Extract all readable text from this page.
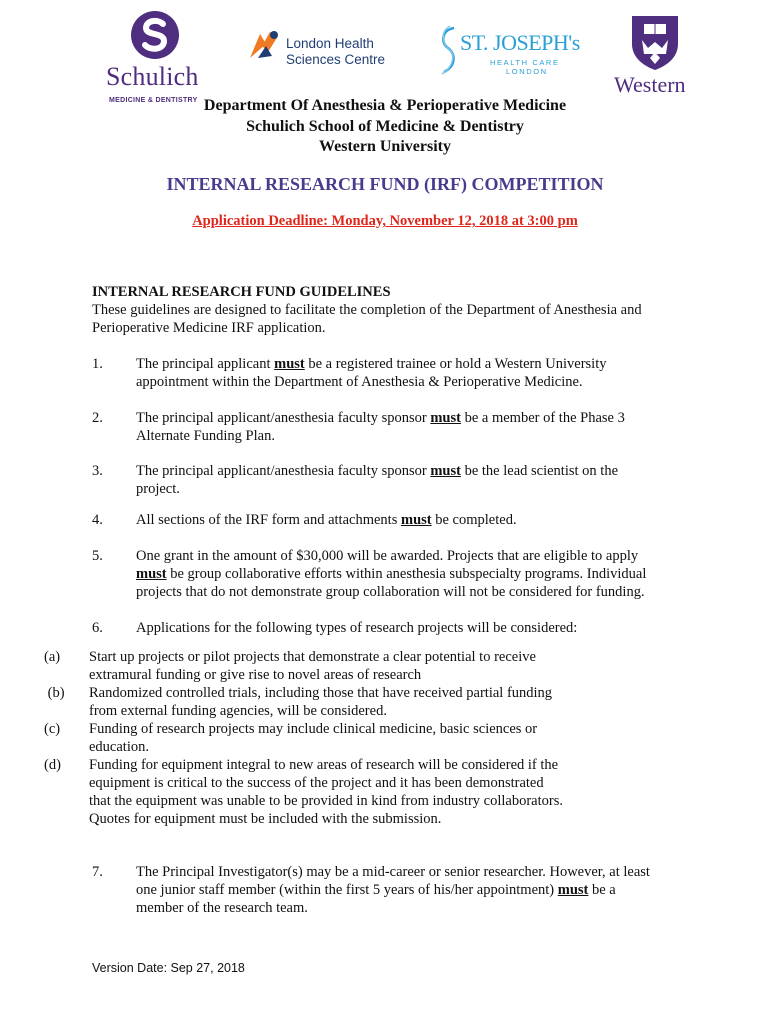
Schulich
MEDICINE & DENTISTRY
London Health
Sciences Centre
ST. JOSEPH's
HEALTH CARE
LONDON
Western
Department Of Anesthesia & Perioperative Medicine
Schulich School of Medicine & Dentistry
Western University
INTERNAL RESEARCH FUND (IRF) COMPETITION
Application Deadline: Monday, November 12, 2018 at 3:00 pm
INTERNAL RESEARCH FUND GUIDELINES
These guidelines are designed to facilitate the completion of the Department of Anesthesia and
Perioperative Medicine IRF application.
1. The principal applicant must be a registered trainee or hold a Western University
appointment within the Department of Anesthesia & Perioperative Medicine.
2. The principal applicant/anesthesia faculty sponsor must be a member of the Phase 3
Alternate Funding Plan.
3. The principal applicant/anesthesia faculty sponsor must be the lead scientist on the
project.
4. All sections of the IRF form and attachments must be completed.
5. One grant in the amount of $30,000 will be awarded. Projects that are eligible to apply
must be group collaborative efforts within anesthesia subspecialty programs. Individual
projects that do not demonstrate group collaboration will not be considered for funding.
6. Applications for the following types of research projects will be considered:
(a) Start up projects or pilot projects that demonstrate a clear potential to receive
extramural funding or give rise to novel areas of research
(b) Randomized controlled trials, including those that have received partial funding
from external funding agencies, will be considered.
(c) Funding of research projects may include clinical medicine, basic sciences or
education.
(d) Funding for equipment integral to new areas of research will be considered if the
equipment is critical to the success of the project and it has been demonstrated
that the equipment was unable to be provided in kind from industry collaborators.
Quotes for equipment must be included with the submission.
7. The Principal Investigator(s) may be a mid-career or senior researcher. However, at least
one junior staff member (within the first 5 years of his/her appointment) must be a
member of the research team.
Version Date: Sep 27, 2018
